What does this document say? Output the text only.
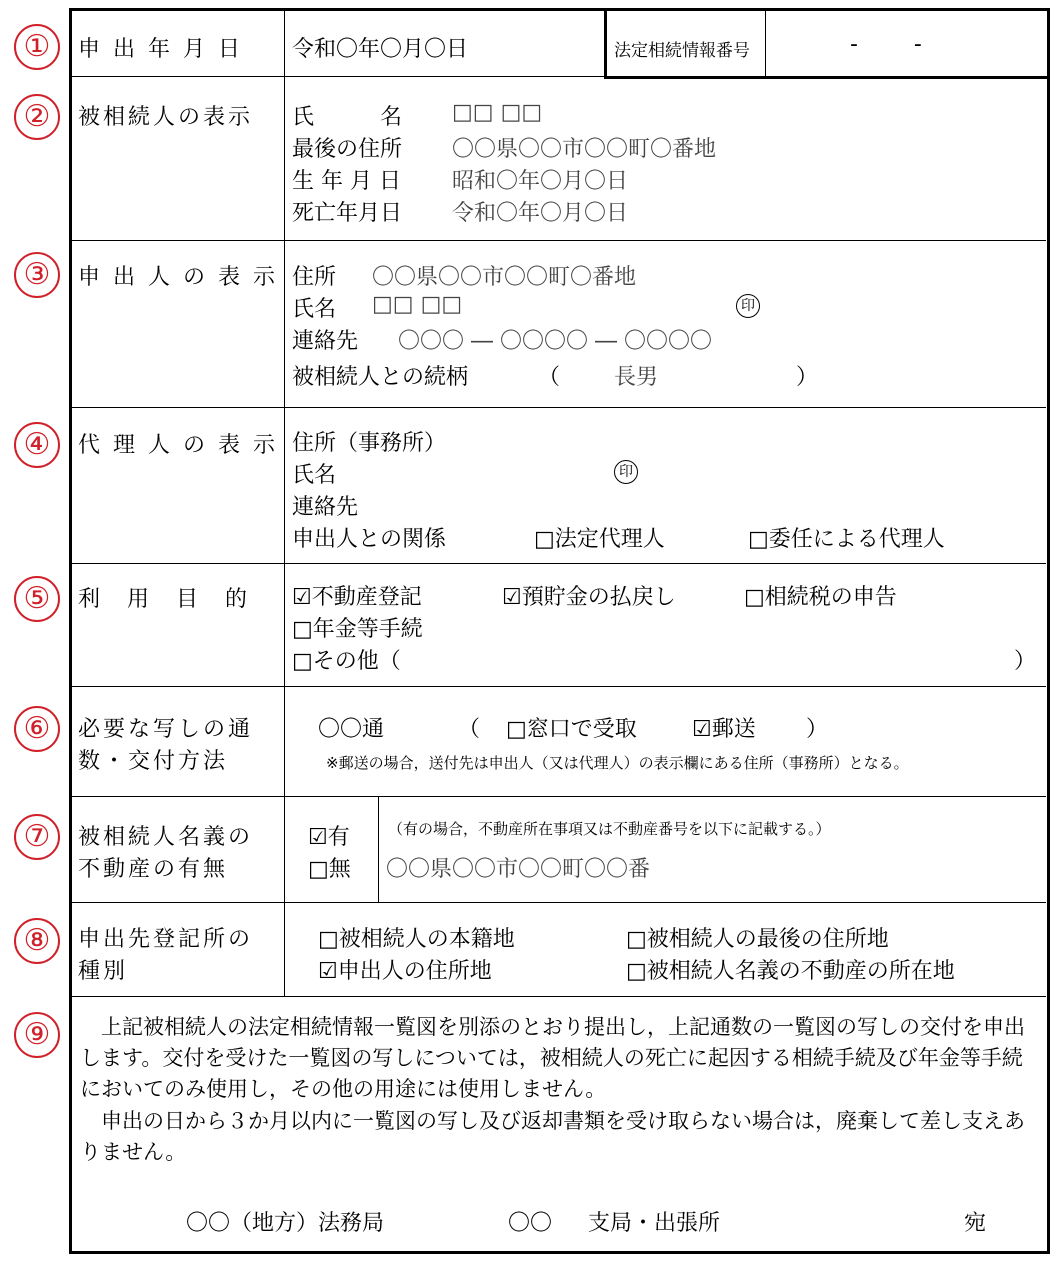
①
②
③
④
⑤
⑥
⑦
⑧
⑨
申 出 年 月 日 令和〇年〇月〇日	法定相続情報番号	-        -
被相続人の表示 氏　　　名 □□ □□
最後の住所 〇〇県〇〇市〇〇町〇番地
生 年 月 日 昭和〇年〇月〇日
死亡年月日 令和〇年〇月〇日
申 出 人 の 表 示 住所 〇〇県〇〇市〇〇町〇番地
氏名 □□ □□	印
連絡先 〇〇〇 ― 〇〇〇〇 ― 〇〇〇〇
被相続人との続柄	（ 長男	）
代 理 人 の 表 示 住所（事務所）
氏名	印
連絡先
申出人との関係	□法定代理人	□委任による代理人
利 用 目 的 ☑不動産登記	☑預貯金の払戻し	□相続税の申告
□年金等手続
□その他（	）
必要な写しの通
数・交付方法
〇〇通	（ □窓口で受取	☑郵送 ）
※郵送の場合，送付先は申出人（又は代理人）の表示欄にある住所（事務所）となる。
被相続人名義の
不動産の有無
☑有
□無
（有の場合，不動産所在事項又は不動産番号を以下に記載する。）
〇〇県〇〇市〇〇町〇〇番
申出先登記所の
種別
□被相続人の本籍地	□被相続人の最後の住所地
☑申出人の住所地	□被相続人名義の不動産の所在地
上記被相続人の法定相続情報一覧図を別添のとおり提出し，上記通数の一覧図の写しの交付を申出します。交付を受けた一覧図の写しについては，被相続人の死亡に起因する相続手続及び年金等手続においてのみ使用し，その他の用途には使用しません。
申出の日から３か月以内に一覧図の写し及び返却書類を受け取らない場合は，廃棄して差し支えありません。
〇〇（地方）法務局	〇〇 支局・出張所	宛
